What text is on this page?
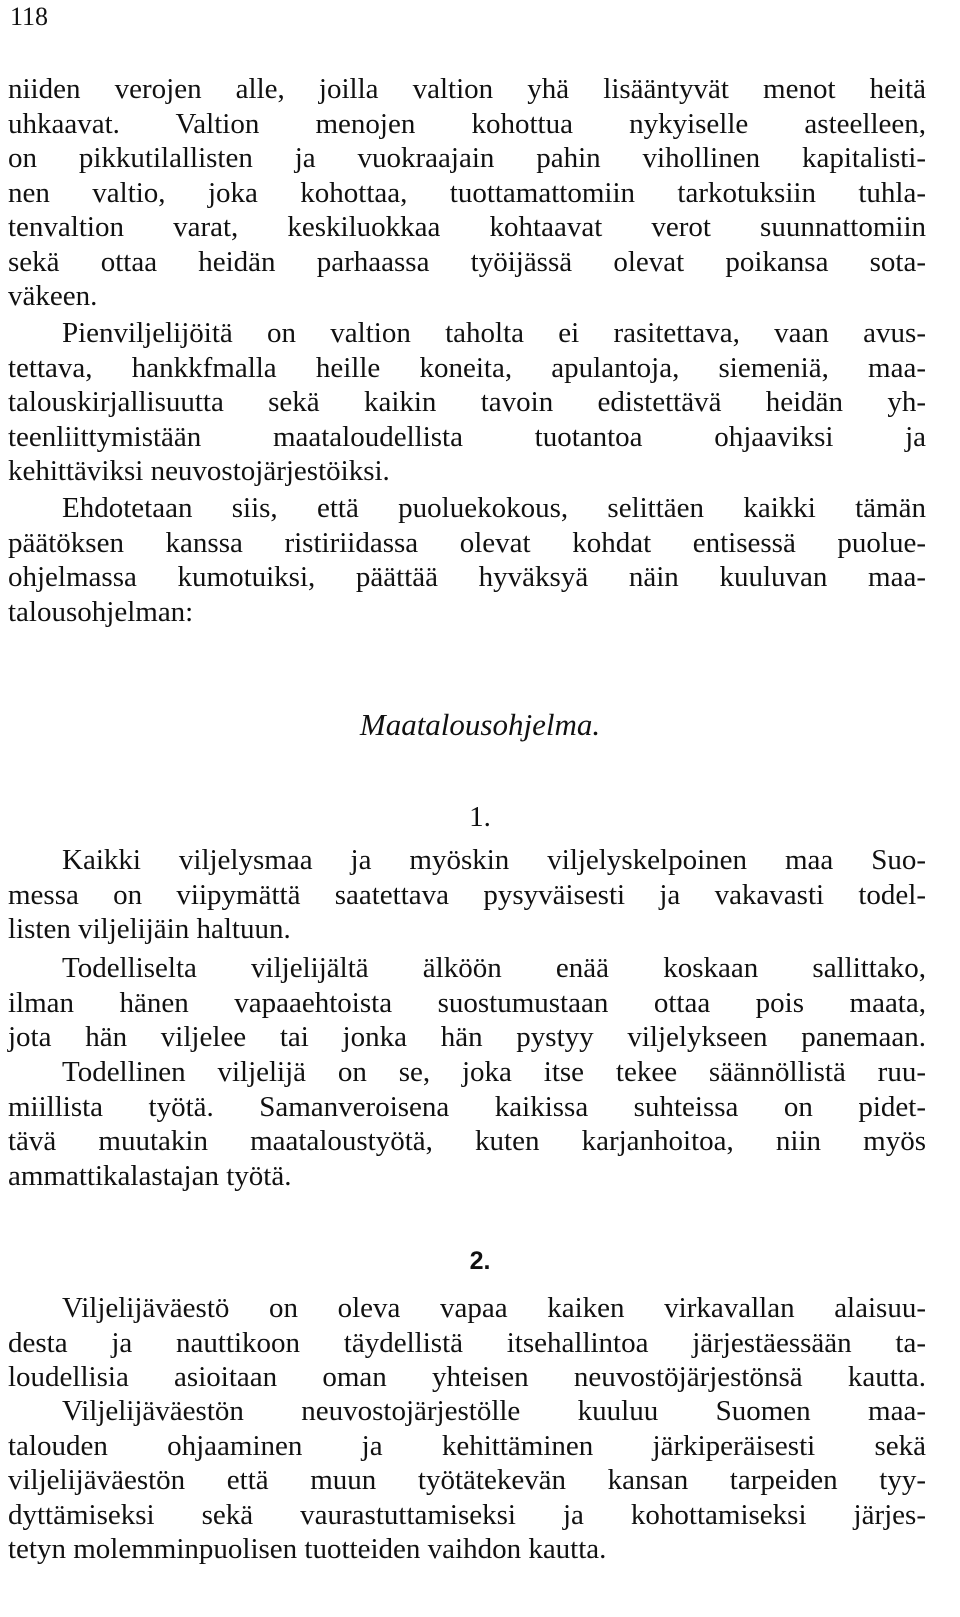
118
niiden verojen alle, joilla valtion yhä lisääntyvät menot heitä
uhkaavat. Valtion menojen kohottua nykyiselle asteelleen,
on pikkutilallisten ja vuokraajain pahin vihollinen kapitalisti-
nen valtio, joka kohottaa, tuottamattomiin tarkotuksiin tuhla-
tenvaltion varat, keskiluokkaa kohtaavat verot suunnattomiin
sekä ottaa heidän parhaassa työijässä olevat poikansa sota-
väkeen.
Pienviljelijöitä on valtion taholta ei rasitettava, vaan avus-
tettava, hankkfmalla heille koneita, apulantoja, siemeniä, maa-
talouskirjallisuutta sekä kaikin tavoin edistettävä heidän yh-
teenliittymistään maataloudellista tuotantoa ohjaaviksi ja
kehittäviksi neuvostojärjestöiksi.
Ehdotetaan siis, että puoluekokous, selittäen kaikki tämän
päätöksen kanssa ristiriidassa olevat kohdat entisessä puolue-
ohjelmassa kumotuiksi, päättää hyväksyä näin kuuluvan maa-
talousohjelman:
Maatalousohjelma.
1.
Kaikki viljelysmaa ja myöskin viljelyskelpoinen maa Suo-
messa on viipymättä saatettava pysyväisesti ja vakavasti todel-
listen viljelijäin haltuun.
Todelliselta viljelijältä älköön enää koskaan sallittako,
ilman hänen vapaaehtoista suostumustaan ottaa pois maata,
jota hän viljelee tai jonka hän pystyy viljelykseen panemaan.
Todellinen viljelijä on se, joka itse tekee säännöllistä ruu-
miillista työtä. Samanveroisena kaikissa suhteissa on pidet-
tävä muutakin maataloustyötä, kuten karjanhoitoa, niin myös
ammattikalastajan työtä.
2.
Viljelijäväestö on oleva vapaa kaiken virkavallan alaisuu-
desta ja nauttikoon täydellistä itsehallintoa järjestäessään ta-
loudellisia asioitaan oman yhteisen neuvostöjärjestönsä kautta.
Viljelijäväestön neuvostojärjestölle kuuluu Suomen maa-
talouden ohjaaminen ja kehittäminen järkiperäisesti sekä
viljelijäväestön että muun työtätekevän kansan tarpeiden tyy-
dyttämiseksi sekä vaurastuttamiseksi ja kohottamiseksi järjes-
tetyn molemminpuolisen tuotteiden vaihdon kautta.
